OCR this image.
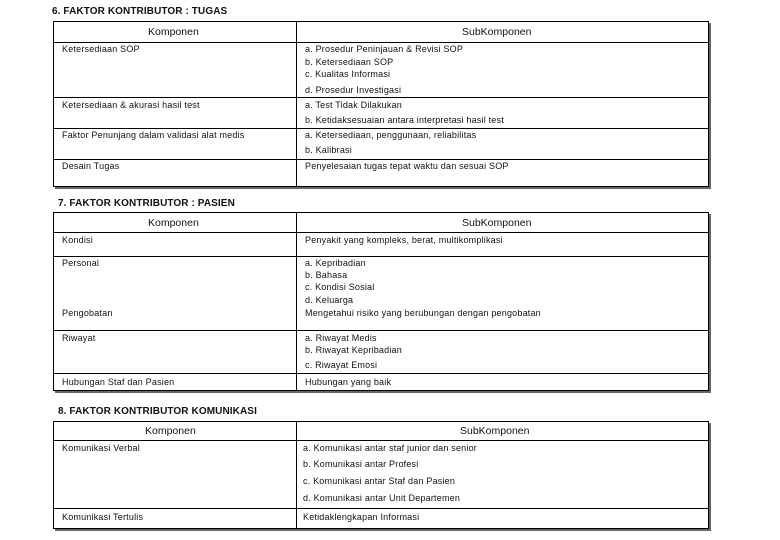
6. FAKTOR KONTRIBUTOR : TUGAS
Komponen	SubKomponen
Ketersediaan SOP	a. Prosedur Peninjauan & Revisi SOP
b. Ketersediaan SOP
c. Kualitas Informasi
d. Prosedur Investigasi
Ketersediaan & akurasi hasil test	a. Test Tidak Dilakukan
b. Ketidaksesuaian antara interpretasi hasil test
Faktor Penunjang dalam validasi alat medis	a. Ketersediaan, penggunaan, reliabilitas
b. Kalibrasi
Desain Tugas	Penyelesaian tugas tepat waktu dan sesuai SOP
7. FAKTOR KONTRIBUTOR : PASIEN
Komponen	SubKomponen
Kondisi	Penyakit yang kompleks, berat, multikomplikasi
Personal	a. Kepribadian
b. Bahasa
c. Kondisi Sosial
d. Keluarga
Pengobatan	Mengetahui risiko yang berubungan dengan pengobatan
Riwayat	a. Riwayat Medis
b. Riwayat Kepribadian
c. Riwayat Emosi
Hubungan Staf dan Pasien	Hubungan yang baik
8. FAKTOR KONTRIBUTOR KOMUNIKASI
Komponen	SubKomponen
Komunikasi Verbal	a. Komunikasi antar staf junior dan senior
b. Komunikasi antar Profesi
c. Komunikasi antar Staf dan Pasien
d. Komunikasi antar Unit Departemen
Komunikasi Tertulis	Ketidaklengkapan Informasi
